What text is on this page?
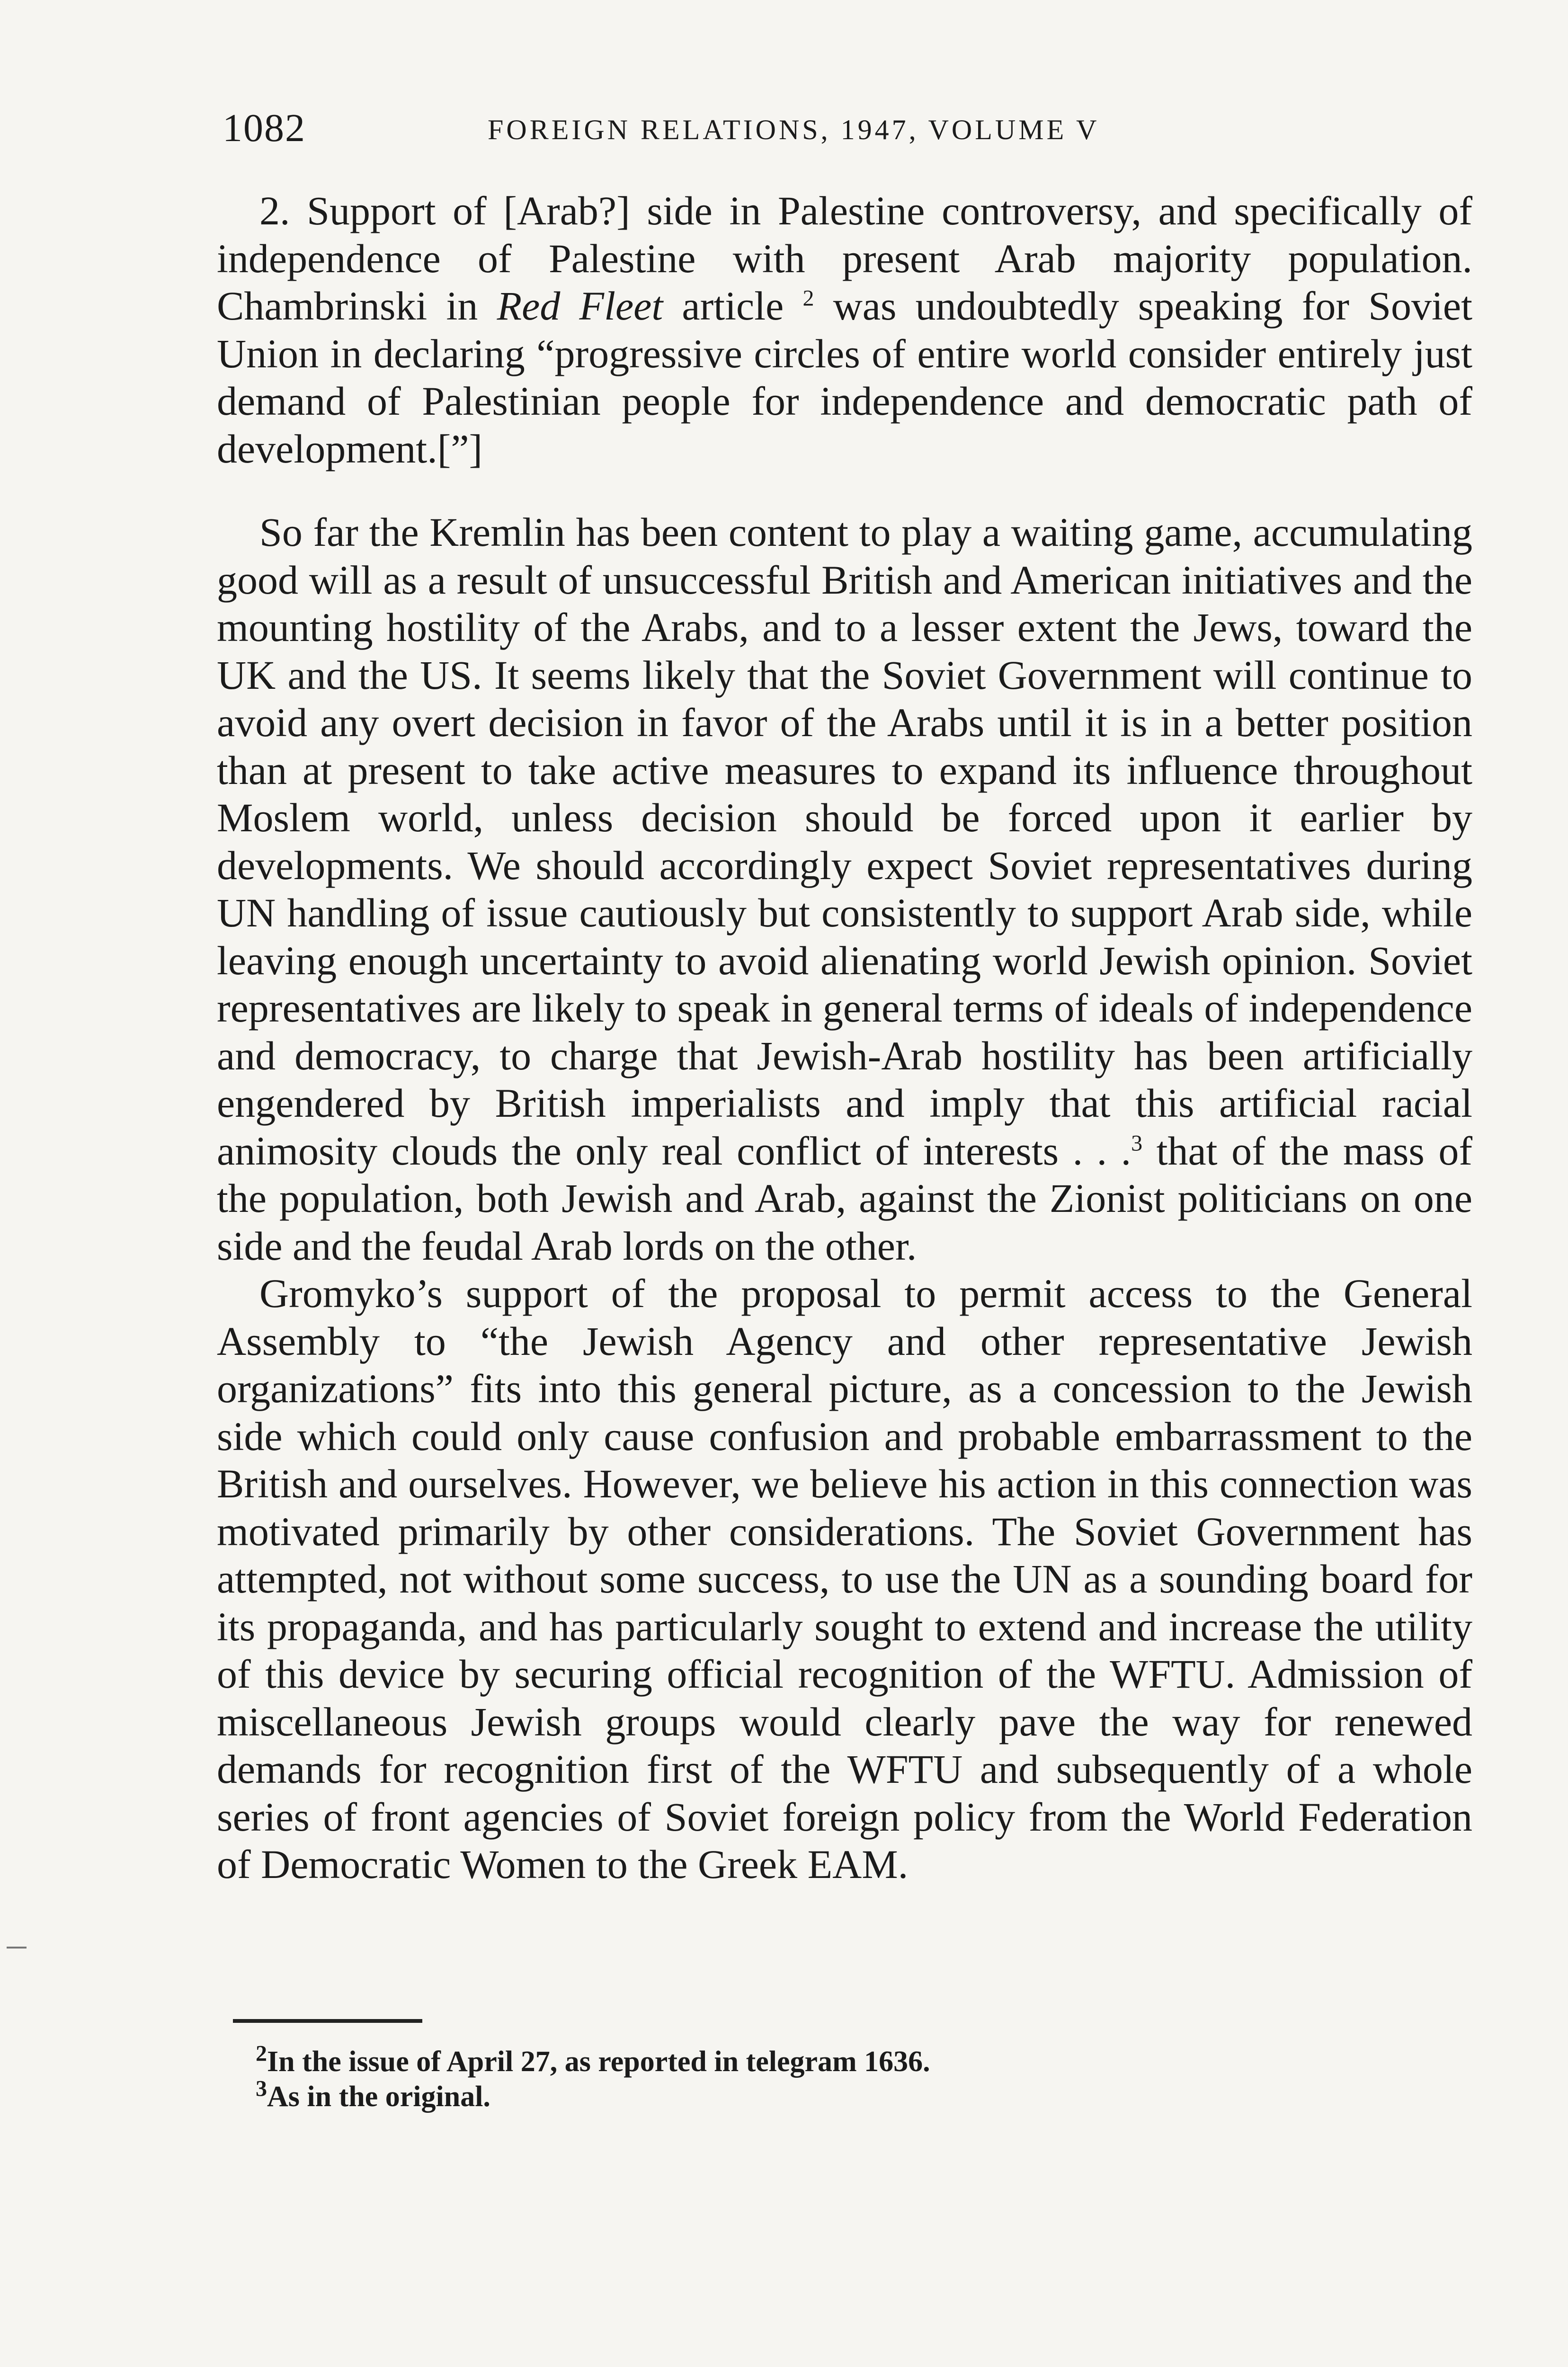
1082	FOREIGN RELATIONS, 1947, VOLUME V

2. Support of [Arab?] side in Palestine controversy, and specifically of independence of Palestine with present Arab majority population. Chambrinski in Red Fleet article $^2$ was undoubtedly speaking for Soviet Union in declaring “progressive circles of entire world consider entirely just demand of Palestinian people for independence and democratic path of development.[”]

So far the Kremlin has been content to play a waiting game, accumulating good will as a result of unsuccessful British and American initiatives and the mounting hostility of the Arabs, and to a lesser extent the Jews, toward the UK and the US. It seems likely that the Soviet Government will continue to avoid any overt decision in favor of the Arabs until it is in a better position than at present to take active measures to expand its influence throughout Moslem world, unless decision should be forced upon it earlier by developments. We should accordingly expect Soviet representatives during UN handling of issue cautiously but consistently to support Arab side, while leaving enough uncertainty to avoid alienating world Jewish opinion. Soviet representatives are likely to speak in general terms of ideals of independence and democracy, to charge that Jewish-Arab hostility has been artificially engendered by British imperialists and imply that this artificial racial animosity clouds the only real conflict of interests . . .$^3$ that of the mass of the population, both Jewish and Arab, against the Zionist politicians on one side and the feudal Arab lords on the other.

Gromyko’s support of the proposal to permit access to the General Assembly to “the Jewish Agency and other representative Jewish organizations” fits into this general picture, as a concession to the Jewish side which could only cause confusion and probable embarrassment to the British and ourselves. However, we believe his action in this connection was motivated primarily by other considerations. The Soviet Government has attempted, not without some success, to use the UN as a sounding board for its propaganda, and has particularly sought to extend and increase the utility of this device by securing official recognition of the WFTU. Admission of miscellaneous Jewish groups would clearly pave the way for renewed demands for recognition first of the WFTU and subsequently of a whole series of front agencies of Soviet foreign policy from the World Federation of Democratic Women to the Greek EAM.

$^2$In the issue of April 27, as reported in telegram 1636.
$^3$As in the original.
